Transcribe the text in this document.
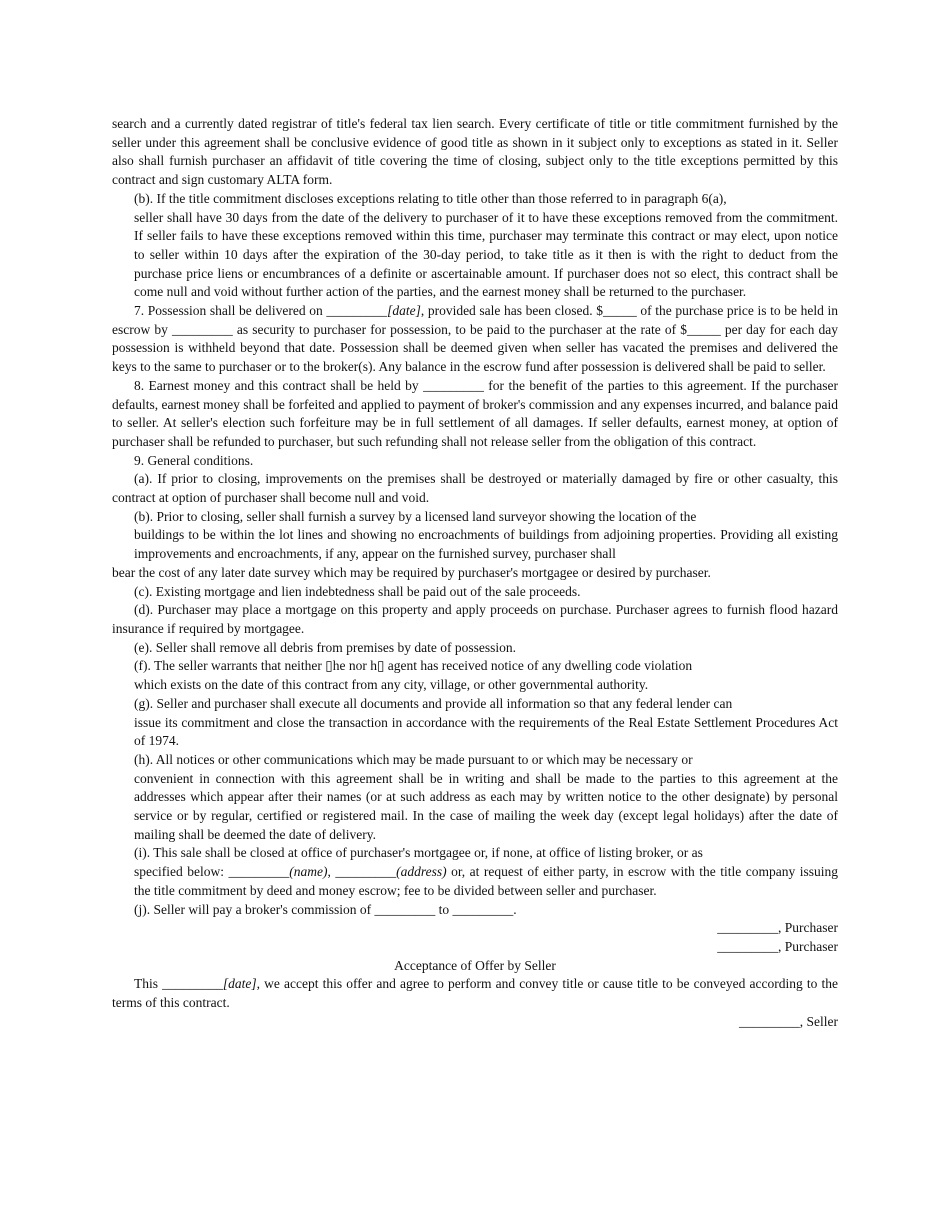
search and a currently dated registrar of title's federal tax lien search. Every certificate of title or title commitment furnished by the seller under this agreement shall be conclusive evidence of good title as shown in it subject only to exceptions as stated in it. Seller also shall furnish purchaser an affidavit of title covering the time of closing, subject only to the title exceptions permitted by this contract and sign customary ALTA form.

(b). If the title commitment discloses exceptions relating to title other than those referred to in paragraph 6(a),

seller shall have 30 days from the date of the delivery to purchaser of it to have these exceptions removed from the commitment. If seller fails to have these exceptions removed within this time, purchaser may terminate this contract or may elect, upon notice to seller within 10 days after the expiration of the 30-day period, to take title as it then is with the right to deduct from the purchase price liens or encumbrances of a definite or ascertainable amount. If purchaser does not so elect, this contract shall be come null and void without further action of the parties, and the earnest money shall be returned to the purchaser.

7. Possession shall be delivered on _________[date], provided sale has been closed. $_____ of the purchase price is to be held in escrow by _________ as security to purchaser for possession, to be paid to the purchaser at the rate of $_____ per day for each day possession is withheld beyond that date. Possession shall be deemed given when seller has vacated the premises and delivered the keys to the same to purchaser or to the broker(s). Any balance in the escrow fund after possession is delivered shall be paid to seller.

8. Earnest money and this contract shall be held by _________ for the benefit of the parties to this agreement. If the purchaser defaults, earnest money shall be forfeited and applied to payment of broker's commission and any expenses incurred, and balance paid to seller. At seller's election such forfeiture may be in full settlement of all damages. If seller defaults, earnest money, at option of purchaser shall be refunded to purchaser, but such refunding shall not release seller from the obligation of this contract.

9. General conditions.

(a). If prior to closing, improvements on the premises shall be destroyed or materially damaged by fire or other casualty, this contract at option of purchaser shall become null and void.

(b). Prior to closing, seller shall furnish a survey by a licensed land surveyor showing the location of the

buildings to be within the lot lines and showing no encroachments of buildings from adjoining properties. Providing all existing improvements and encroachments, if any, appear on the furnished survey, purchaser shall

bear the cost of any later date survey which may be required by purchaser's mortgagee or desired by purchaser.

(c). Existing mortgage and lien indebtedness shall be paid out of the sale proceeds.

(d). Purchaser may place a mortgage on this property and apply proceeds on purchase. Purchaser agrees to furnish flood hazard insurance if required by mortgagee.

(e). Seller shall remove all debris from premises by date of possession.

(f). The seller warrants that neither ▯he nor h▯ agent has received notice of any dwelling code violation

which exists on the date of this contract from any city, village, or other governmental authority.

(g). Seller and purchaser shall execute all documents and provide all information so that any federal lender can

issue its commitment and close the transaction in accordance with the requirements of the Real Estate Settlement Procedures Act of 1974.

(h). All notices or other communications which may be made pursuant to or which may be necessary or

convenient in connection with this agreement shall be in writing and shall be made to the parties to this agreement at the addresses which appear after their names (or at such address as each may by written notice to the other designate) by personal service or by regular, certified or registered mail. In the case of mailing the week day (except legal holidays) after the date of mailing shall be deemed the date of delivery.

(i). This sale shall be closed at office of purchaser's mortgagee or, if none, at office of listing broker, or as

specified below: _________(name), _________(address) or, at request of either party, in escrow with the title company issuing the title commitment by deed and money escrow; fee to be divided between seller and purchaser.

(j). Seller will pay a broker's commission of _________ to _________.

_________, Purchaser

_________, Purchaser

Acceptance of Offer by Seller

This _________[date], we accept this offer and agree to perform and convey title or cause title to be conveyed according to the terms of this contract.

_________, Seller
